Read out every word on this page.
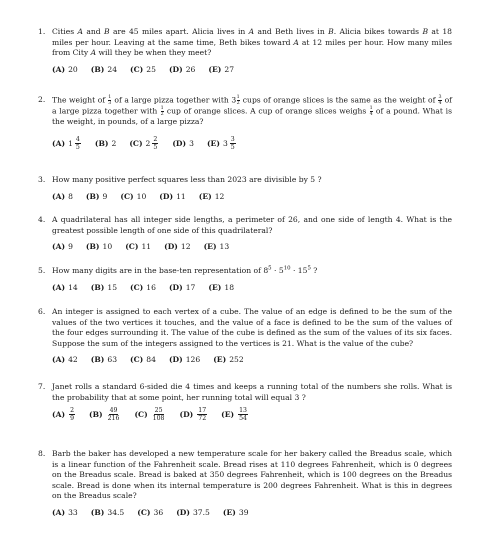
1. Cities A and B are 45 miles apart. Alicia lives in A and Beth lives in B. Alicia bikes towards B at 18 miles per hour. Leaving at the same time, Beth bikes toward A at 12 miles per hour. How many miles from City A will they be when they meet?
(A) 20 (B) 24 (C) 25 (D) 26 (E) 27
2. The weight of $\frac{1}{3}$ of a large pizza together with $3 \frac{1}{2}$ cups of orange slices is the same as the weight of $\frac{3}{4}$ of a large pizza together with $\frac{1}{2}$ cup of orange slices. A cup of orange slices weighs $\frac{1}{4}$ of a pound. What is the weight, in pounds, of a large pizza?
(A) $1 \frac{4}{5} (B)$ 2 (C) $2 \frac{2}{5} (D)$ 3 (E) $3 \frac{3}{5}$
3. How many positive perfect squares less than 2023 are divisible by 5 ?
(A) 8 (B) 9 (C) 10 (D) 11 (E) 12
4. A quadrilateral has all integer side lengths, a perimeter of 26, and one side of length 4. What is the greatest possible length of one side of this quadrilateral?
(A) 9 (B) 10 (C) 11 (D) 12 (E) 13
5. How many digits are in the base-ten representation of $8^5 \cdot 5^{10} \cdot 15^5$ ?
(A) 14 (B) 15 (C) 16 (D) 17 (E) 18
6. An integer is assigned to each vertex of a cube. The value of an edge is defined to be the sum of the values of the two vertices it touches, and the value of a face is defined to be the sum of the values of the four edges surrounding it. The value of the cube is defined as the sum of the values of its six faces. Suppose the sum of the integers assigned to the vertices is 21. What is the value of the cube?
(A) 42 (B) 63 (C) 84 (D) 126 (E) 252
7. Janet rolls a standard 6-sided die 4 times and keeps a running total of the numbers she rolls. What is the probability that at some point, her running total will equal 3 ?
$(A) \frac{2}{9} (B) \frac{49}{216} (C) \frac{25}{108} (D) \frac{17}{72} (E) \frac{13}{54}$
8. Barb the baker has developed a new temperature scale for her bakery called the Breadus scale, which is a linear function of the Fahrenheit scale. Bread rises at 110 degrees Fahrenheit, which is 0 degrees on the Breadus scale. Bread is baked at 350 degrees Fahrenheit, which is 100 degrees on the Breadus scale. Bread is done when its internal temperature is 200 degrees Fahrenheit. What is this in degrees on the Breadus scale?
(A) 33 (B) 34.5 (C) 36 (D) 37.5 (E) 39
